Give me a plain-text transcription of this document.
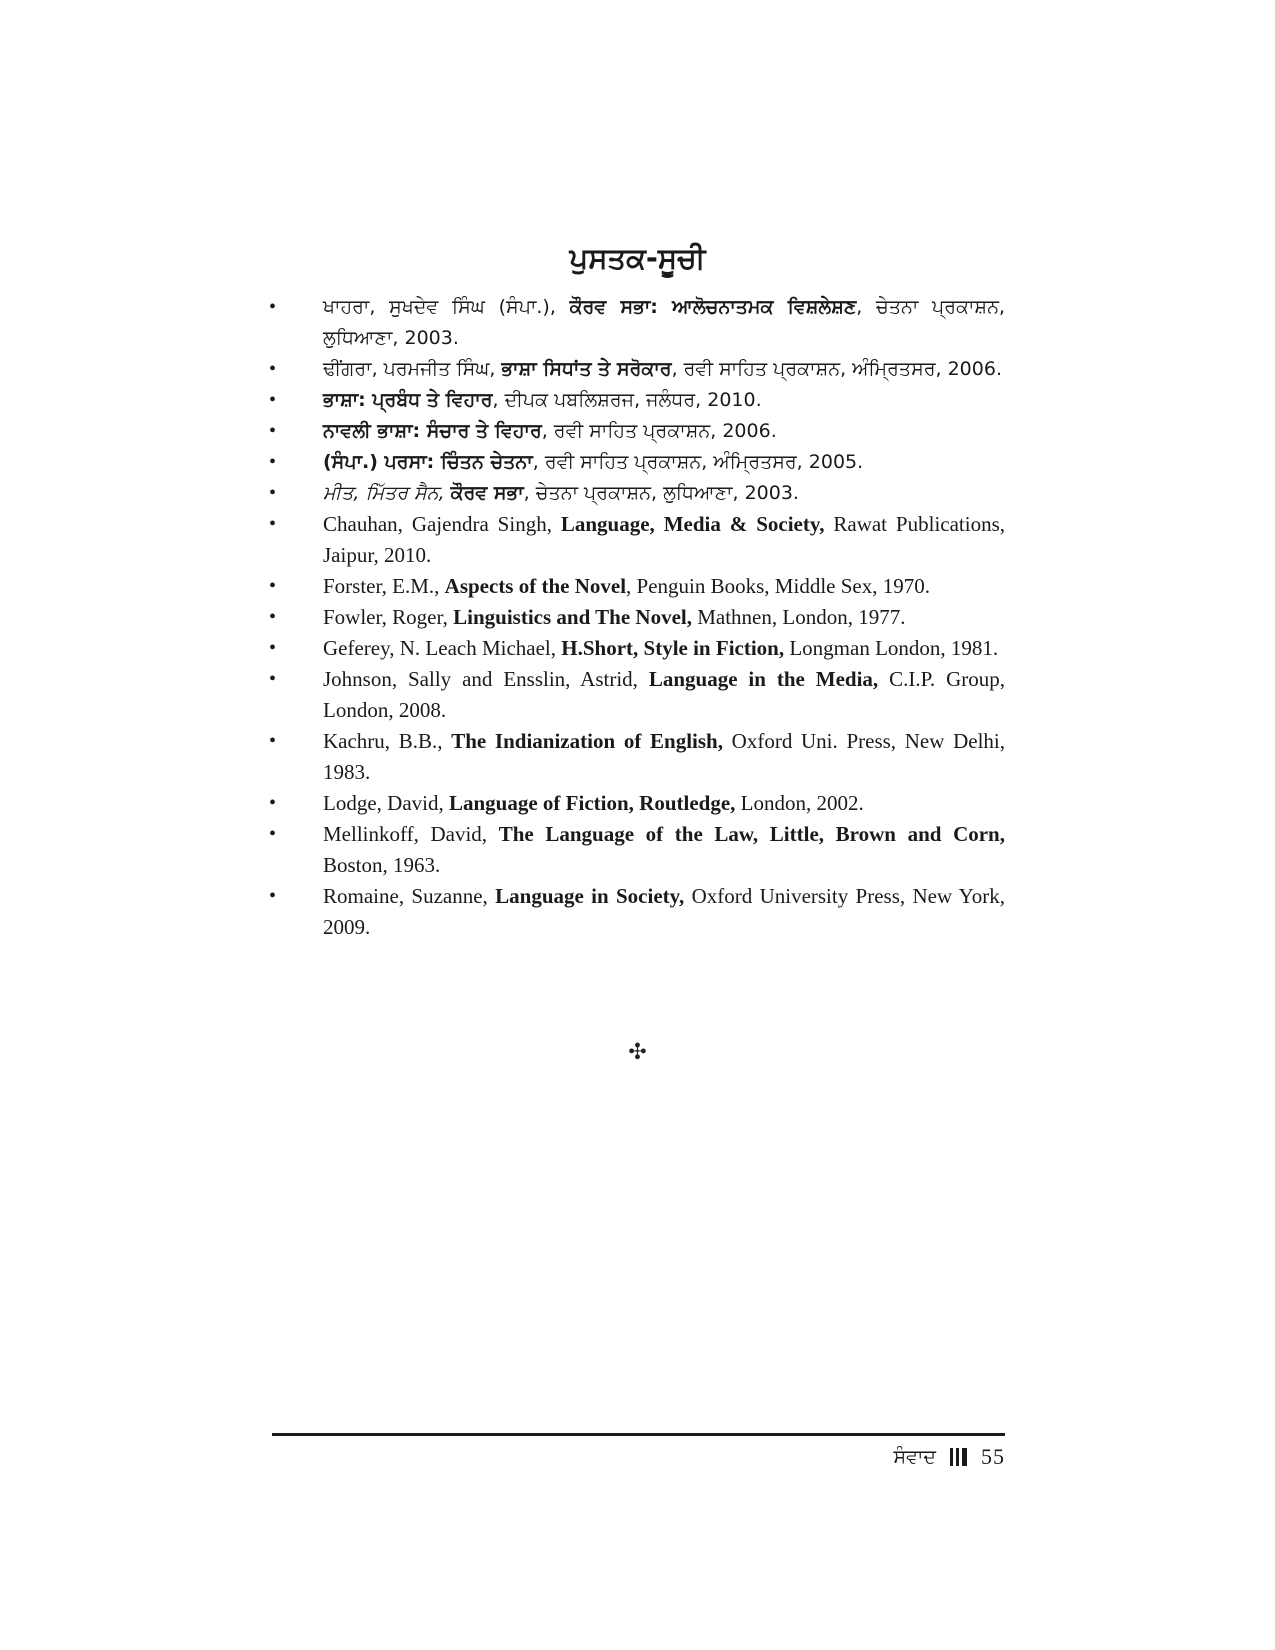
ਪੁਸਤਕ-ਸੂਚੀ
• ਖਾਹਰਾ, ਸੁਖਦੇਵ ਸਿੰਘ (ਸੰਪਾ.), ਕੌਰਵ ਸਭਾ: ਆਲੋਚਨਾਤਮਕ ਵਿਸ਼ਲੇਸ਼ਣ, ਚੇਤਨਾ ਪ੍ਰਕਾਸ਼ਨ, ਲੁਧਿਆਣਾ, 2003.
• ਢੀਂਗਰਾ, ਪਰਮਜੀਤ ਸਿੰਘ, ਭਾਸ਼ਾ ਸਿਧਾਂਤ ਤੇ ਸਰੋਕਾਰ, ਰਵੀ ਸਾਹਿਤ ਪ੍ਰਕਾਸ਼ਨ, ਅੰਮ੍ਰਿਤਸਰ, 2006.
• ਭਾਸ਼ਾ: ਪ੍ਰਬੰਧ ਤੇ ਵਿਹਾਰ, ਦੀਪਕ ਪਬਲਿਸ਼ਰਜ, ਜਲੰਧਰ, 2010.
• ਨਾਵਲੀ ਭਾਸ਼ਾ: ਸੰਚਾਰ ਤੇ ਵਿਹਾਰ, ਰਵੀ ਸਾਹਿਤ ਪ੍ਰਕਾਸ਼ਨ, 2006.
• (ਸੰਪਾ.) ਪਰਸਾ: ਚਿੰਤਨ ਚੇਤਨਾ, ਰਵੀ ਸਾਹਿਤ ਪ੍ਰਕਾਸ਼ਨ, ਅੰਮ੍ਰਿਤਸਰ, 2005.
• ਮੀਤ, ਮਿੱਤਰ ਸੈਨ, ਕੌਰਵ ਸਭਾ, ਚੇਤਨਾ ਪ੍ਰਕਾਸ਼ਨ, ਲੁਧਿਆਣਾ, 2003.
• Chauhan, Gajendra Singh, Language, Media & Society, Rawat Publications, Jaipur, 2010.
• Forster, E.M., Aspects of the Novel, Penguin Books, Middle Sex, 1970.
• Fowler, Roger, Linguistics and The Novel, Mathnen, London, 1977.
• Geferey, N. Leach Michael, H.Short, Style in Fiction, Longman London, 1981.
• Johnson, Sally and Ensslin, Astrid, Language in the Media, C.I.P. Group, London, 2008.
• Kachru, B.B., The Indianization of English, Oxford Uni. Press, New Delhi, 1983.
• Lodge, David, Language of Fiction, Routledge, London, 2002.
• Mellinkoff, David, The Language of the Law, Little, Brown and Corn, Boston, 1963.
• Romaine, Suzanne, Language in Society, Oxford University Press, New York, 2009.
✣
ਸੰਵਾਦ 55
